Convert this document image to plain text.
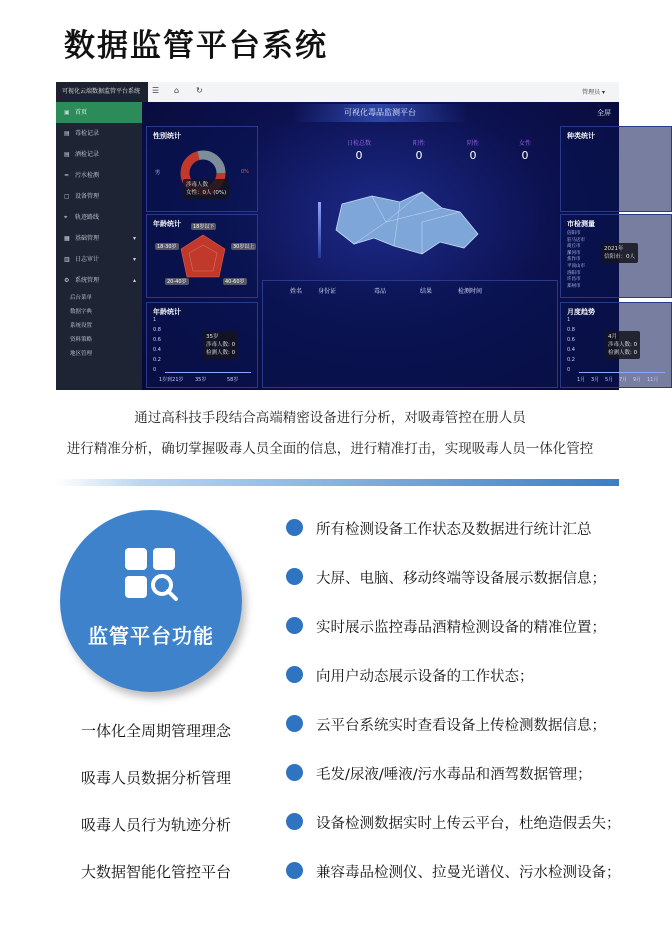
数据监管平台系统
可视化云端数据监管平台系统	☰ ⌂ ↻	管理员 ▾
▣ 首页
▤ 毒检记录
▤ 酒检记录
≈ 污水检测
▢ 设备管理
⌖ 轨迹路线
▦ 基础管理	▾
▥ 日志审计	▾
⚙ 系统管理	▴
后台菜单
数据字典
系统设置
资料策略
地区管理
可视化毒品监测平台	全屏
性别统计
男	0%
涉毒人数
女性：0人 (0%)
日检总数
0
阳性
0
阴性
0
女性
0
种类统计
年龄统计	18岁以下
18-30岁	30岁以上
20-40岁	40-60岁
市检测量
信阳市
驻马店市
商丘市
漯河市
焦作市
平顶山市
洛阳市
许昌市
郑州市
2021年
信阳市：0人
姓名	身份证	毒品	结果	检测时间
年龄统计
1
0.8
0.6
0.4
0.2
0
1岁到21岁 35岁	58岁
35岁
涉毒人数: 0
检测人数: 0
月度趋势
1
0.8
0.6
0.4
0.2
0
1月 3月 5月 7月 9月 11月
4月
涉毒人数: 0
检测人数: 0
通过高科技手段结合高端精密设备进行分析，对吸毒管控在册人员
进行精准分析，确切掌握吸毒人员全面的信息，进行精准打击，实现吸毒人员一体化管控
监管平台功能
一体化全周期管理理念
吸毒人员数据分析管理
吸毒人员行为轨迹分析
大数据智能化管控平台
所有检测设备工作状态及数据进行统计汇总
大屏、电脑、移动终端等设备展示数据信息；
实时展示监控毒品酒精检测设备的精准位置；
向用户动态展示设备的工作状态；
云平台系统实时查看设备上传检测数据信息；
毛发/尿液/唾液/污水毒品和酒驾数据管理；
设备检测数据实时上传云平台，杜绝造假丢失；
兼容毒品检测仪、拉曼光谱仪、污水检测设备；
